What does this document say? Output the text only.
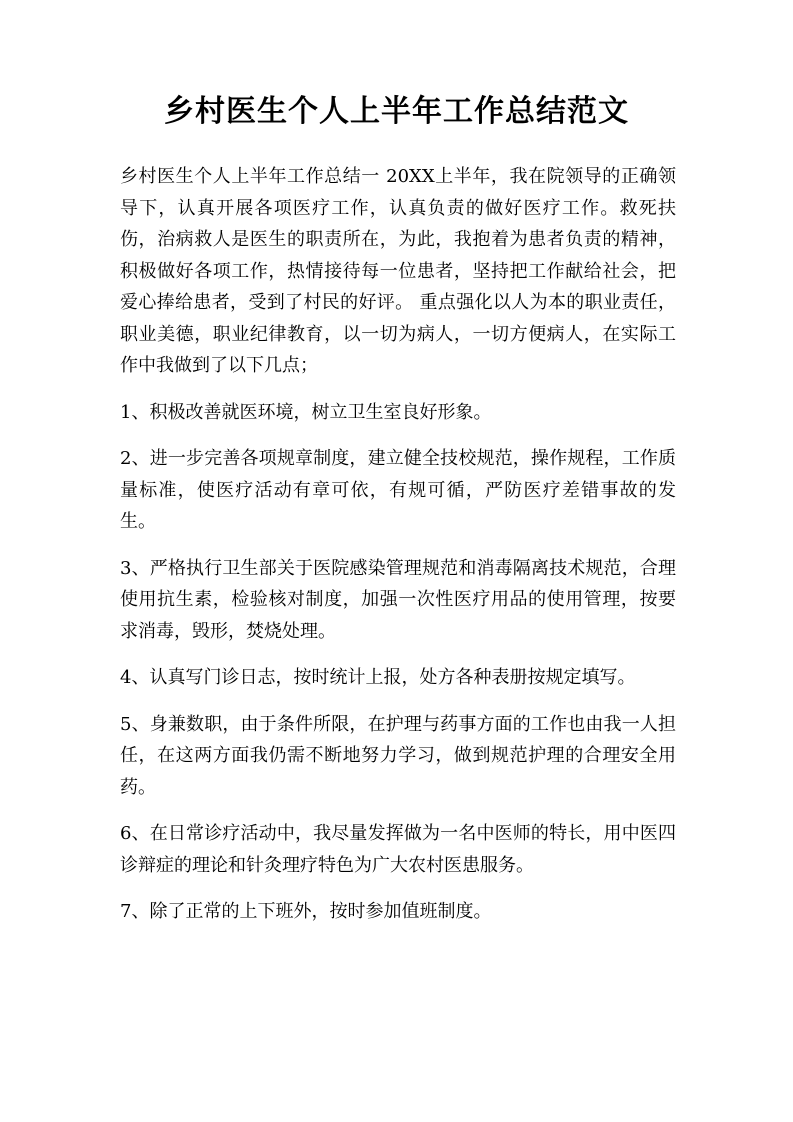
乡村医生个人上半年工作总结范文

乡村医生个人上半年工作总结一 20XX上半年，我在院领导的正确领导下，认真开展各项医疗工作，认真负责的做好医疗工作。救死扶伤，治病救人是医生的职责所在，为此，我抱着为患者负责的精神，积极做好各项工作，热情接待每一位患者，坚持把工作献给社会，把爱心捧给患者，受到了村民的好评。 重点强化以人为本的职业责任，职业美德，职业纪律教育，以一切为病人，一切方便病人，在实际工作中我做到了以下几点；

1、积极改善就医环境，树立卫生室良好形象。

2、进一步完善各项规章制度，建立健全技校规范，操作规程，工作质量标准，使医疗活动有章可依，有规可循，严防医疗差错事故的发生。

3、严格执行卫生部关于医院感染管理规范和消毒隔离技术规范，合理使用抗生素，检验核对制度，加强一次性医疗用品的使用管理，按要求消毒，毁形，焚烧处理。

4、认真写门诊日志，按时统计上报，处方各种表册按规定填写。

5、身兼数职，由于条件所限，在护理与药事方面的工作也由我一人担任，在这两方面我仍需不断地努力学习，做到规范护理的合理安全用药。

6、在日常诊疗活动中，我尽量发挥做为一名中医师的特长，用中医四诊辩症的理论和针灸理疗特色为广大农村医患服务。

7、除了正常的上下班外，按时参加值班制度。
